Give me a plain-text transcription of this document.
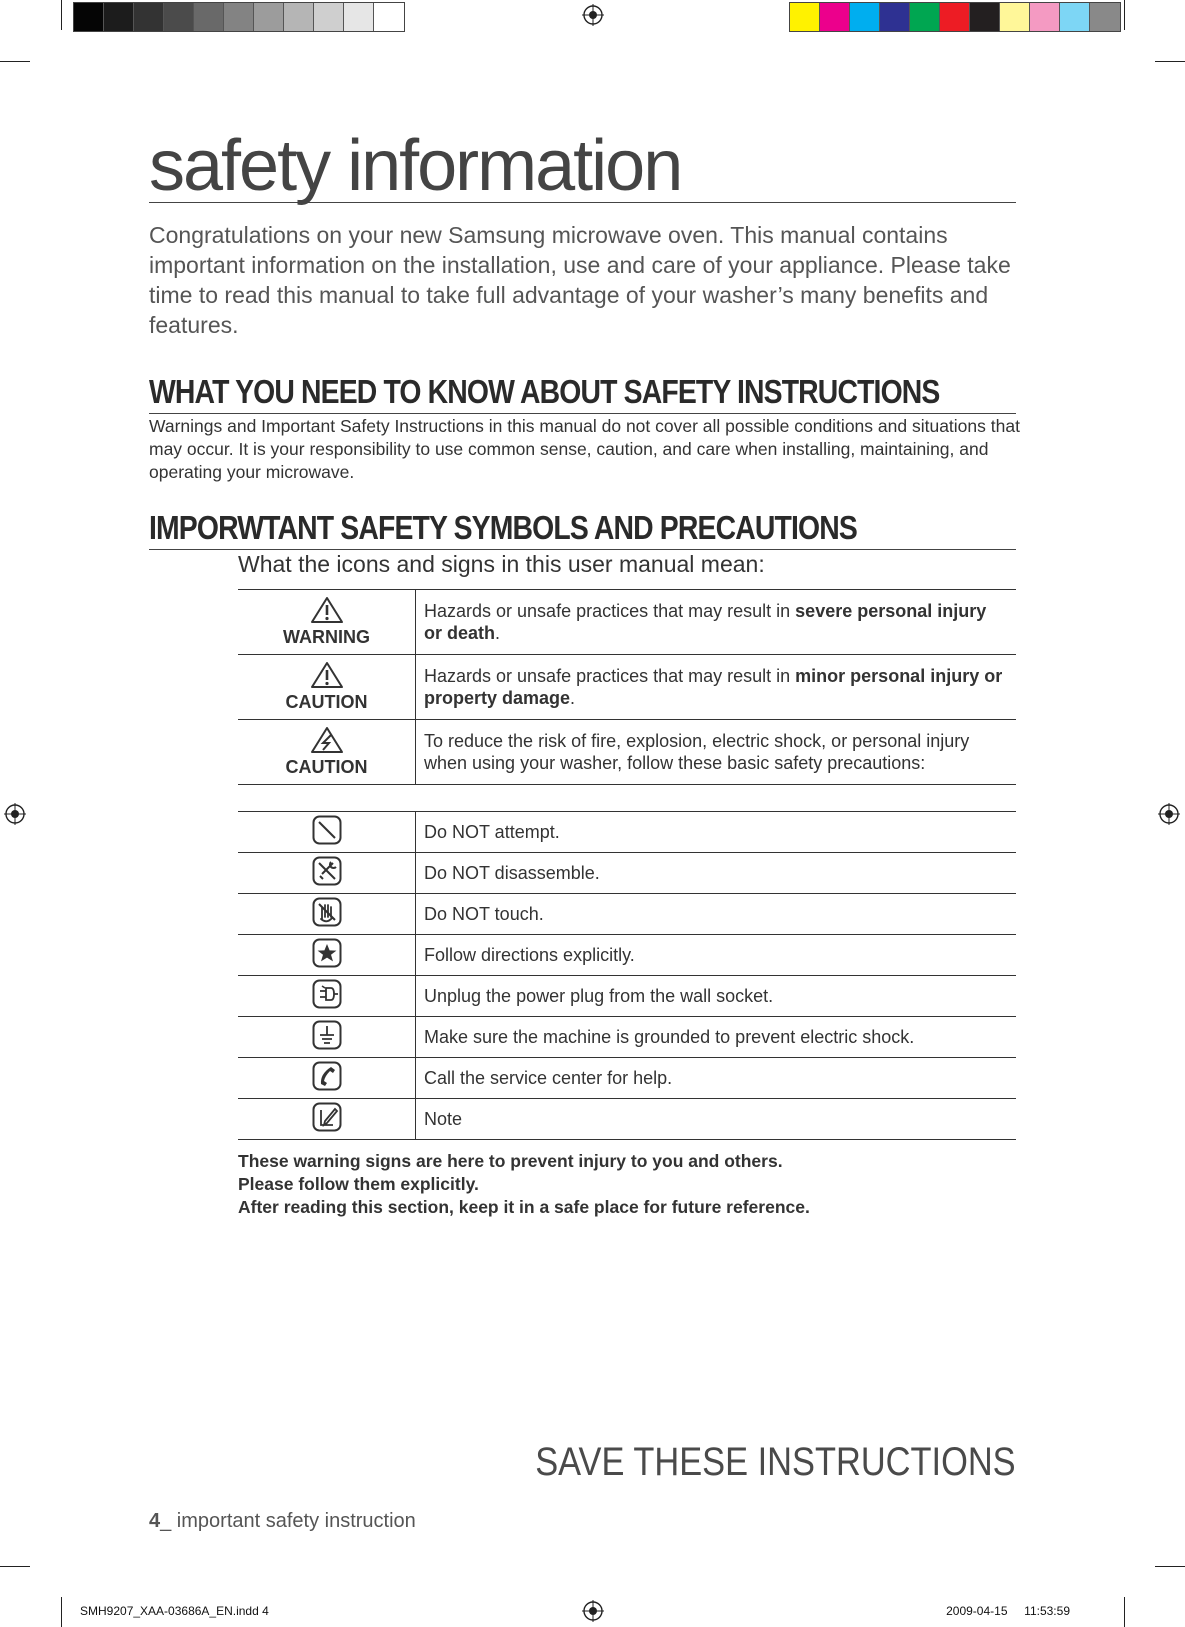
safety information

Congratulations on your new Samsung microwave oven. This manual contains important information on the installation, use and care of your appliance. Please take time to read this manual to take full advantage of your washer’s many benefits and features.

WHAT YOU NEED TO KNOW ABOUT SAFETY INSTRUCTIONS

Warnings and Important Safety Instructions in this manual do not cover all possible conditions and situations that may occur. It is your responsibility to use common sense, caution, and care when installing, maintaining, and operating your microwave.

IMPORWTANT SAFETY SYMBOLS AND PRECAUTIONS

What the icons and signs in this user manual mean:

WARNING	Hazards or unsafe practices that may result in severe personal injury or death.

CAUTION	Hazards or unsafe practices that may result in minor personal injury or property damage.

CAUTION	To reduce the risk of fire, explosion, electric shock, or personal injury when using your washer, follow these basic safety precautions:
	Do NOT attempt.
	Do NOT disassemble.
	Do NOT touch.
	Follow directions explicitly.
	Unplug the power plug from the wall socket.
	Make sure the machine is grounded to prevent electric shock.
	Call the service center for help.
	Note
These warning signs are here to prevent injury to you and others.
Please follow them explicitly.
After reading this section, keep it in a safe place for future reference.

SAVE THESE INSTRUCTIONS

4_ important safety instruction

SMH9207_XAA-03686A_EN.indd 4	2009-04-15 11:53:59
